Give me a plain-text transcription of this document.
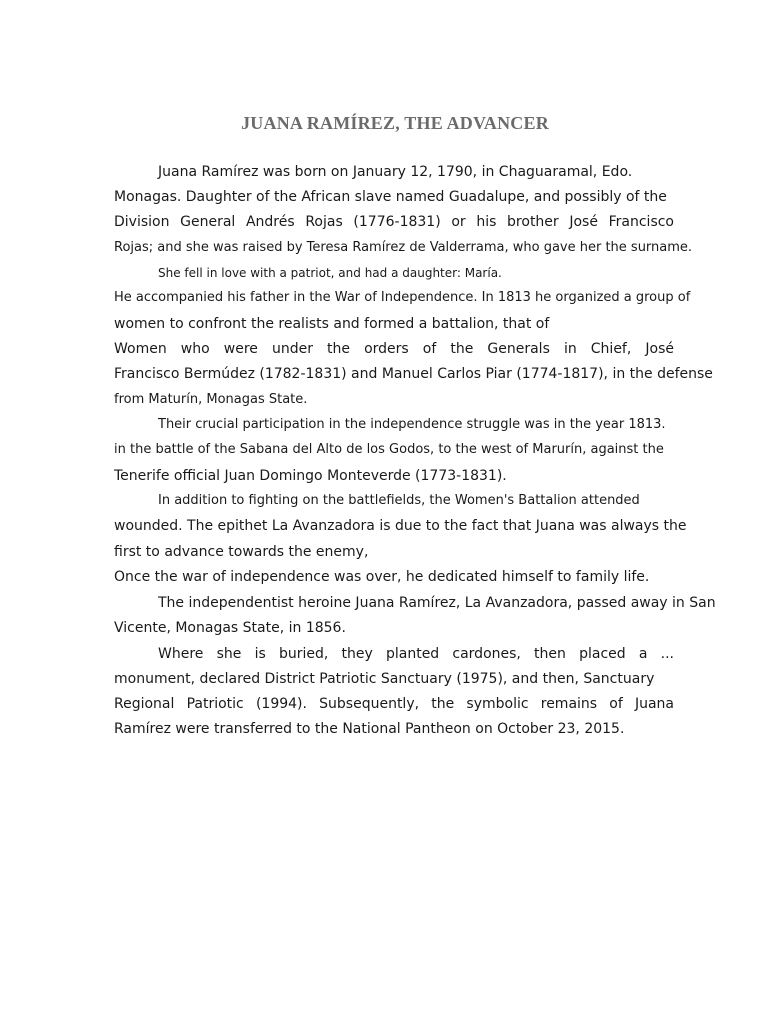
JUANA RAMÍREZ, THE ADVANCER
Juana Ramírez was born on January 12, 1790, in Chaguaramal, Edo.
Monagas. Daughter of the African slave named Guadalupe, and possibly of the
Division General Andrés Rojas (1776-1831) or his brother José Francisco
Rojas; and she was raised by Teresa Ramírez de Valderrama, who gave her the surname.
She fell in love with a patriot, and had a daughter: María.
He accompanied his father in the War of Independence. In 1813 he organized a group of
women to confront the realists and formed a battalion, that of
Women who were under the orders of the Generals in Chief, José
Francisco Bermúdez (1782-1831) and Manuel Carlos Piar (1774-1817), in the defense
from Maturín, Monagas State.
Their crucial participation in the independence struggle was in the year 1813.
in the battle of the Sabana del Alto de los Godos, to the west of Marurín, against the
Tenerife official Juan Domingo Monteverde (1773-1831).
In addition to fighting on the battlefields, the Women's Battalion attended
wounded. The epithet La Avanzadora is due to the fact that Juana was always the
first to advance towards the enemy,
Once the war of independence was over, he dedicated himself to family life.
The independentist heroine Juana Ramírez, La Avanzadora, passed away in San
Vicente, Monagas State, in 1856.
Where she is buried, they planted cardones, then placed a ...
monument, declared District Patriotic Sanctuary (1975), and then, Sanctuary
Regional Patriotic (1994). Subsequently, the symbolic remains of Juana
Ramírez were transferred to the National Pantheon on October 23, 2015.
